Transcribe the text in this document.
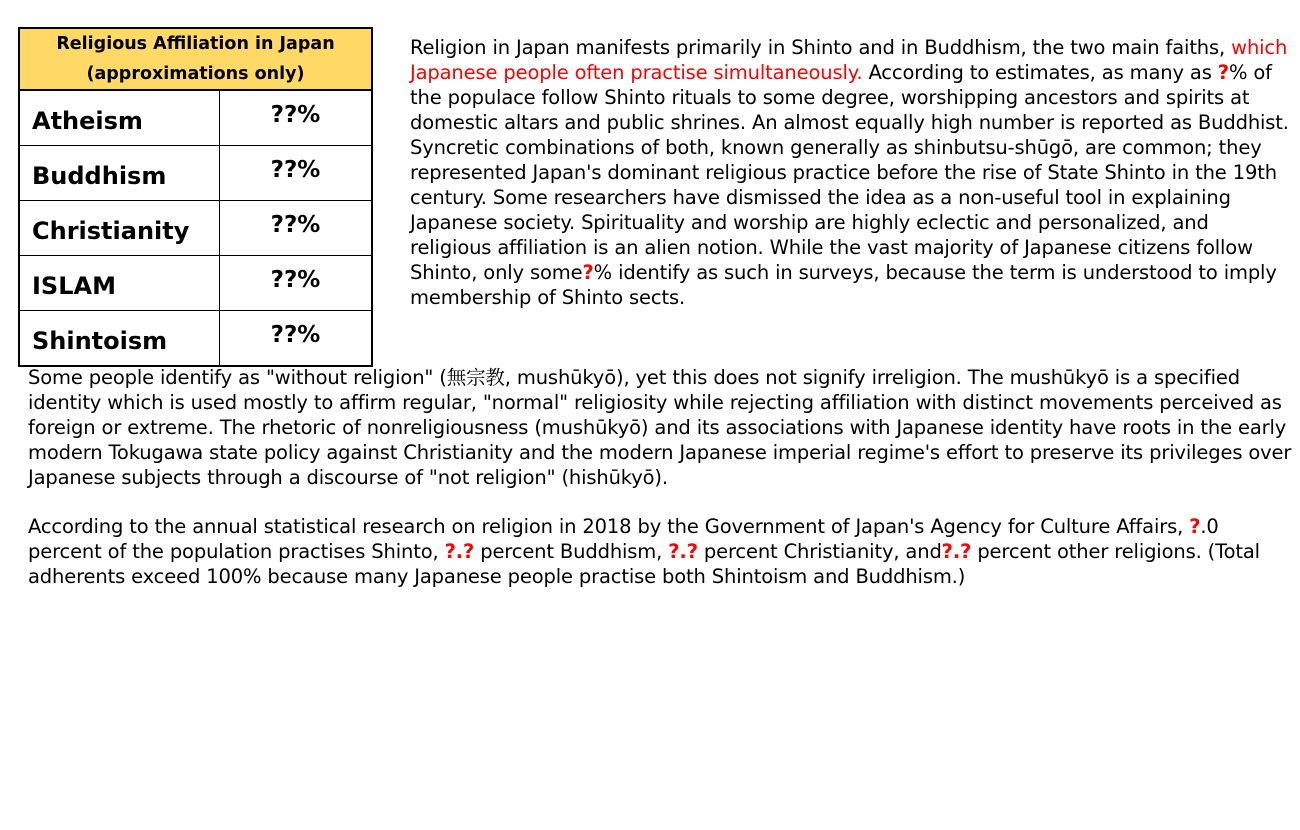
Religious Affiliation in Japan
(approximations only)	
Atheism	??%
Buddhism	??%
Christianity	??%
ISLAM	??%
Shintoism	??%

Religion in Japan manifests primarily in Shinto and in Buddhism, the two main faiths, which Japanese people often practise simultaneously. According to estimates, as many as ?% of the populace follow Shinto rituals to some degree, worshipping ancestors and spirits at domestic altars and public shrines. An almost equally high number is reported as Buddhist. Syncretic combinations of both, known generally as shinbutsu-shūgō, are common; they represented Japan's dominant religious practice before the rise of State Shinto in the 19th century. Some researchers have dismissed the idea as a non-useful tool in explaining Japanese society. Spirituality and worship are highly eclectic and personalized, and religious affiliation is an alien notion. While the vast majority of Japanese citizens follow Shinto, only some?% identify as such in surveys, because the term is understood to imply membership of Shinto sects.

Some people identify as "without religion" (無宗教, mushūkyō), yet this does not signify irreligion. The mushūkyō is a specified identity which is used mostly to affirm regular, "normal" religiosity while rejecting affiliation with distinct movements perceived as foreign or extreme. The rhetoric of nonreligiousness (mushūkyō) and its associations with Japanese identity have roots in the early modern Tokugawa state policy against Christianity and the modern Japanese imperial regime's effort to preserve its privileges over Japanese subjects through a discourse of "not religion" (hishūkyō).

According to the annual statistical research on religion in 2018 by the Government of Japan's Agency for Culture Affairs, ?.0 percent of the population practises Shinto, ?.? percent Buddhism, ?.? percent Christianity, and?.? percent other religions. (Total adherents exceed 100% because many Japanese people practise both Shintoism and Buddhism.)
